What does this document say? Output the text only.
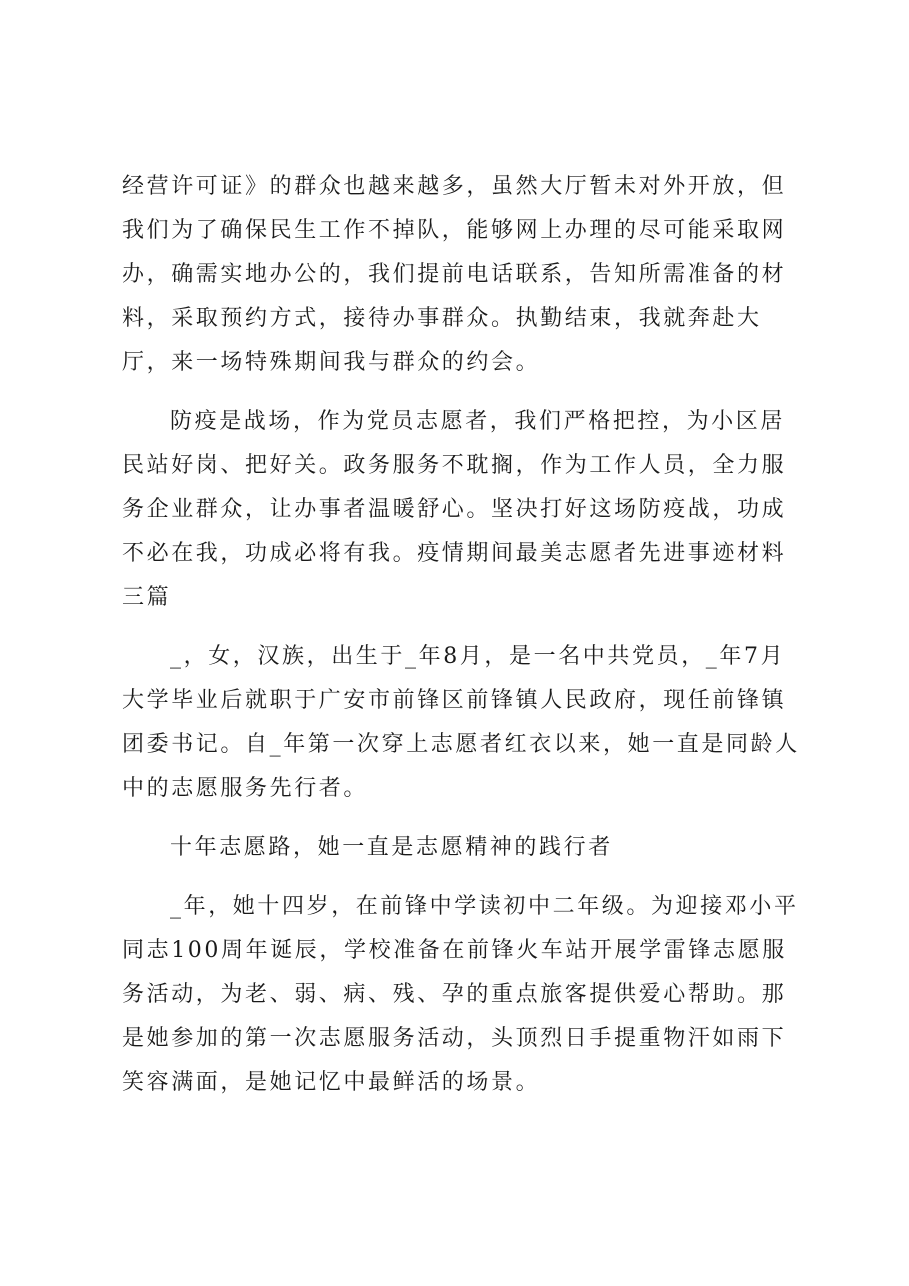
经营许可证》的群众也越来越多，虽然大厅暂未对外开放，但

我们为了确保民生工作不掉队，能够网上办理的尽可能采取网

办，确需实地办公的，我们提前电话联系，告知所需准备的材

料，采取预约方式，接待办事群众。执勤结束，我就奔赴大

厅，来一场特殊期间我与群众的约会。

防疫是战场，作为党员志愿者，我们严格把控，为小区居

民站好岗、把好关。政务服务不耽搁，作为工作人员，全力服

务企业群众，让办事者温暖舒心。坚决打好这场防疫战，功成

不必在我，功成必将有我。疫情期间最美志愿者先进事迹材料

三篇

_，女，汉族，出生于_年8月，是一名中共党员，_年7月

大学毕业后就职于广安市前锋区前锋镇人民政府，现任前锋镇

团委书记。自_年第一次穿上志愿者红衣以来，她一直是同龄人

中的志愿服务先行者。

十年志愿路，她一直是志愿精神的践行者

_年，她十四岁，在前锋中学读初中二年级。为迎接邓小平

同志100周年诞辰，学校准备在前锋火车站开展学雷锋志愿服

务活动，为老、弱、病、残、孕的重点旅客提供爱心帮助。那

是她参加的第一次志愿服务活动，头顶烈日手提重物汗如雨下

笑容满面，是她记忆中最鲜活的场景。
